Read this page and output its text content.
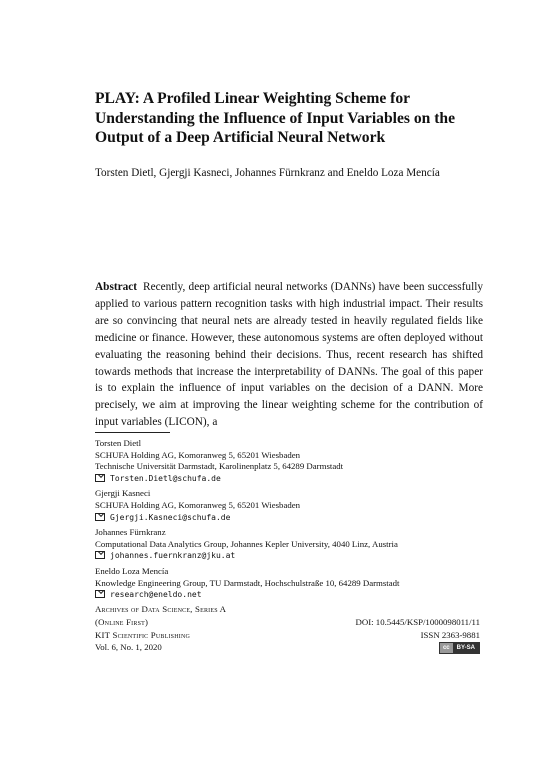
PLAY: A Profiled Linear Weighting Scheme for Understanding the Influence of Input Variables on the Output of a Deep Artificial Neural Network
Torsten Dietl, Gjergji Kasneci, Johannes Fürnkranz and Eneldo Loza Mencía

Abstract Recently, deep artificial neural networks (DANNs) have been successfully applied to various pattern recognition tasks with high industrial impact. Their results are so convincing that neural nets are already tested in heavily regulated fields like medicine or finance. However, these autonomous systems are often deployed without evaluating the reasoning behind their decisions. Thus, recent research has shifted towards methods that increase the interpretability of DANNs. The goal of this paper is to explain the influence of input variables on the decision of a DANN. More precisely, we aim at improving the linear weighting scheme for the contribution of input variables (LICON), a

Torsten Dietl
SCHUFA Holding AG, Komoranweg 5, 65201 Wiesbaden
Technische Universität Darmstadt, Karolinenplatz 5, 64289 Darmstadt
Torsten.Dietl@schufa.de
Gjergji Kasneci
SCHUFA Holding AG, Komoranweg 5, 65201 Wiesbaden
Gjergji.Kasneci@schufa.de
Johannes Fürnkranz
Computational Data Analytics Group, Johannes Kepler University, 4040 Linz, Austria
johannes.fuernkranz@jku.at
Eneldo Loza Mencía
Knowledge Engineering Group, TU Darmstadt, Hochschulstraße 10, 64289 Darmstadt
research@eneldo.net
Archives of Data Science, Series A
(Online First)	DOI: 10.5445/KSP/1000098011/11
KIT Scientific Publishing	ISSN 2363-9881
Vol. 6, No. 1, 2020	cc	BY-SA
